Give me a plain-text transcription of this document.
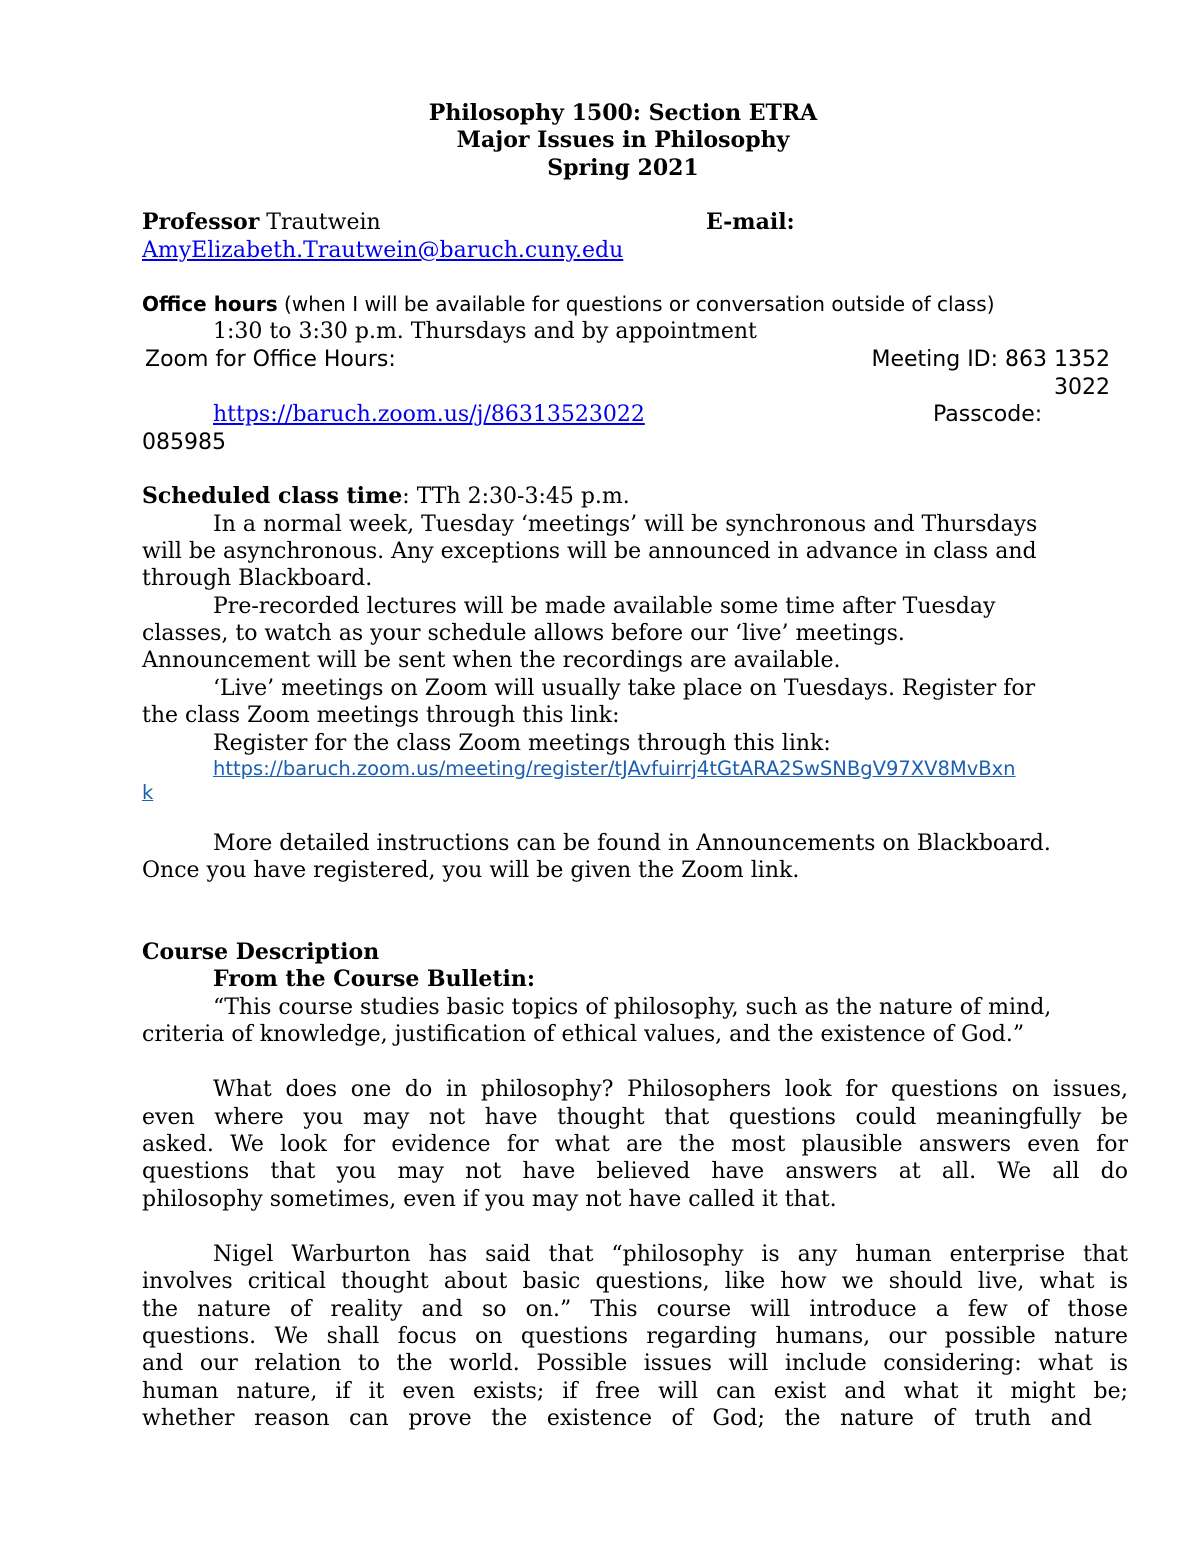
Philosophy 1500: Section ETRA
Major Issues in Philosophy
Spring 2021
Professor Trautwein	E-mail:
AmyElizabeth.Trautwein@baruch.cuny.edu
Office hours (when I will be available for questions or conversation outside of class)
1:30 to 3:30 p.m. Thursdays and by appointment
Zoom for Office Hours:	Meeting ID: 863 1352
3022
https://baruch.zoom.us/j/86313523022	Passcode:
085985
Scheduled class time: TTh 2:30-3:45 p.m.
In a normal week, Tuesday ‘meetings’ will be synchronous and Thursdays
will be asynchronous. Any exceptions will be announced in advance in class and
through Blackboard.
Pre-recorded lectures will be made available some time after Tuesday
classes, to watch as your schedule allows before our ‘live’ meetings.
Announcement will be sent when the recordings are available.
‘Live’ meetings on Zoom will usually take place on Tuesdays. Register for
the class Zoom meetings through this link:
Register for the class Zoom meetings through this link:
https://baruch.zoom.us/meeting/register/tJAvfuirrj4tGtARA2SwSNBgV97XV8MvBxn
k
More detailed instructions can be found in Announcements on Blackboard.
Once you have registered, you will be given the Zoom link.
Course Description
From the Course Bulletin:
“This course studies basic topics of philosophy, such as the nature of mind,
criteria of knowledge, justification of ethical values, and the existence of God.”
What does one do in philosophy? Philosophers look for questions on issues,
even where you may not have thought that questions could meaningfully be
asked. We look for evidence for what are the most plausible answers even for
questions that you may not have believed have answers at all. We all do
philosophy sometimes, even if you may not have called it that.
Nigel Warburton has said that “philosophy is any human enterprise that
involves critical thought about basic questions, like how we should live, what is
the nature of reality and so on.” This course will introduce a few of those
questions. We shall focus on questions regarding humans, our possible nature
and our relation to the world. Possible issues will include considering: what is
human nature, if it even exists; if free will can exist and what it might be;
whether reason can prove the existence of God; the nature of truth and
